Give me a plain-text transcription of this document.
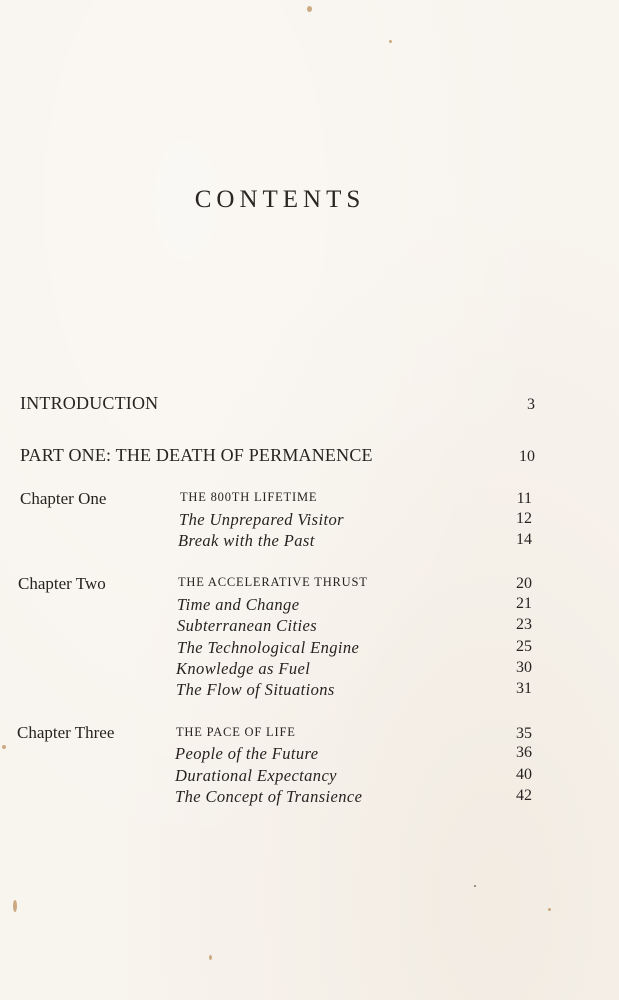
CONTENTS
INTRODUCTION	3
PART ONE: THE DEATH OF PERMANENCE	10
Chapter One	THE 800TH LIFETIME	11
The Unprepared Visitor	12
Break with the Past	14
Chapter Two	THE ACCELERATIVE THRUST	20
Time and Change	21
Subterranean Cities	23
The Technological Engine	25
Knowledge as Fuel	30
The Flow of Situations	31
Chapter Three	THE PACE OF LIFE	35
People of the Future	36
Durational Expectancy	40
The Concept of Transience	42
